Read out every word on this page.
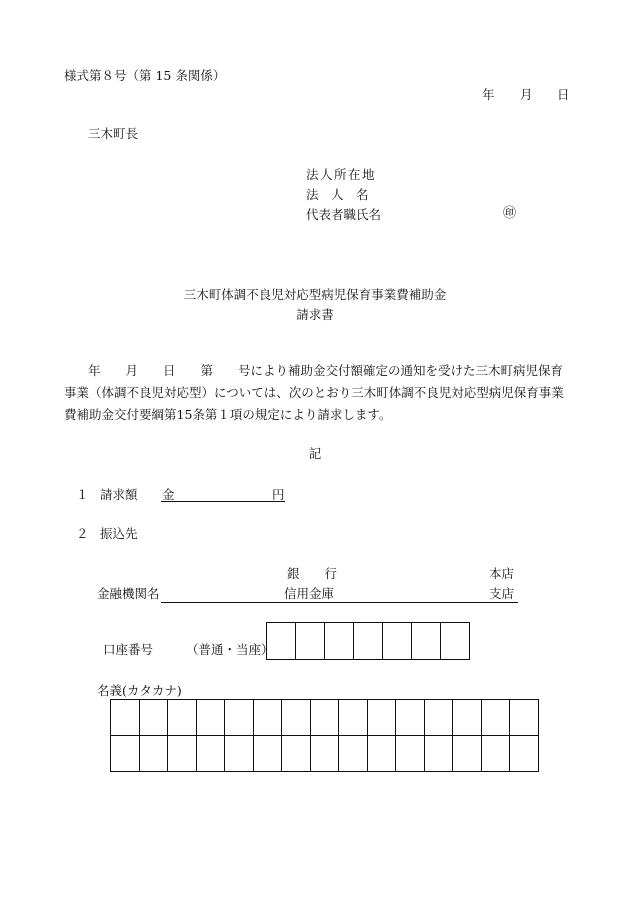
様式第８号（第 15 条関係）
年 月 日
三木町長
法人所在地
法　人　名
代表者職氏名	㊞
三木町体調不良児対応型病児保育事業費補助金
請求書
年　　月　　日　　第　　号により補助金交付額確定の通知を受けた三木町病児保育事業（体調不良児対応型）については、次のとおり三木町体調不良児対応型病児保育事業費補助金交付要綱第15条第１項の規定により請求します。
記
１ 請求額 金	円
２ 振込先
銀　　行	本店
金融機関名	信用金庫	支店
口座番号	（普通・当座）

名義(カタカナ)
